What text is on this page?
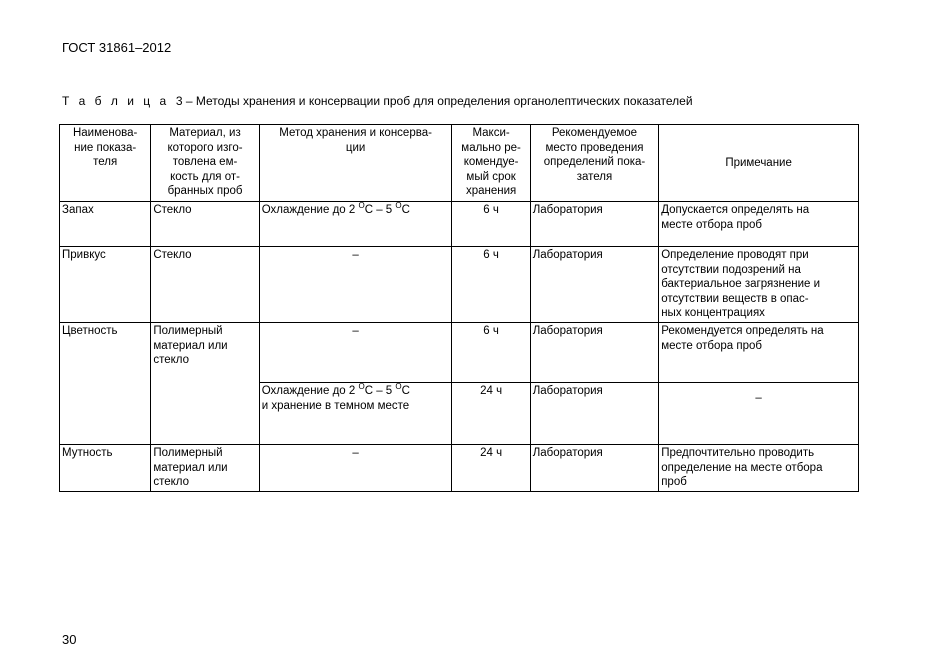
ГОСТ 31861–2012
Т а б л и ц а 3 – Методы хранения и консервации проб для определения органолептических показателей
Наименова-
ние показа-
теля	Материал, из
которого изго-
товлена ем-
кость для от-
бранных проб	Метод хранения и консерва-
ции	Макси-
мально ре-
комендуе-
мый срок
хранения	Рекомендуемое
место проведения
определений пока-
зателя	Примечание
Запах	Стекло	Охлаждение до 2 $^O$С – 5 $^O$С	6 ч	Лаборатория	Допускается определять на
месте отбора проб
Привкус	Стекло	–	6 ч	Лаборатория	Определение проводят при
отсутствии подозрений на
бактериальное загрязнение и
отсутствии веществ в опас-
ных концентрациях
Цветность	Полимерный
материал или
стекло	–	6 ч	Лаборатория	Рекомендуется определять на
месте отбора проб
		Охлаждение до 2 $^O$С – 5 $^O$С
и хранение в темном месте	24 ч	Лаборатория	–
Мутность	Полимерный
материал или
стекло	–	24 ч	Лаборатория	Предпочтительно проводить
определение на месте отбора
проб
30
